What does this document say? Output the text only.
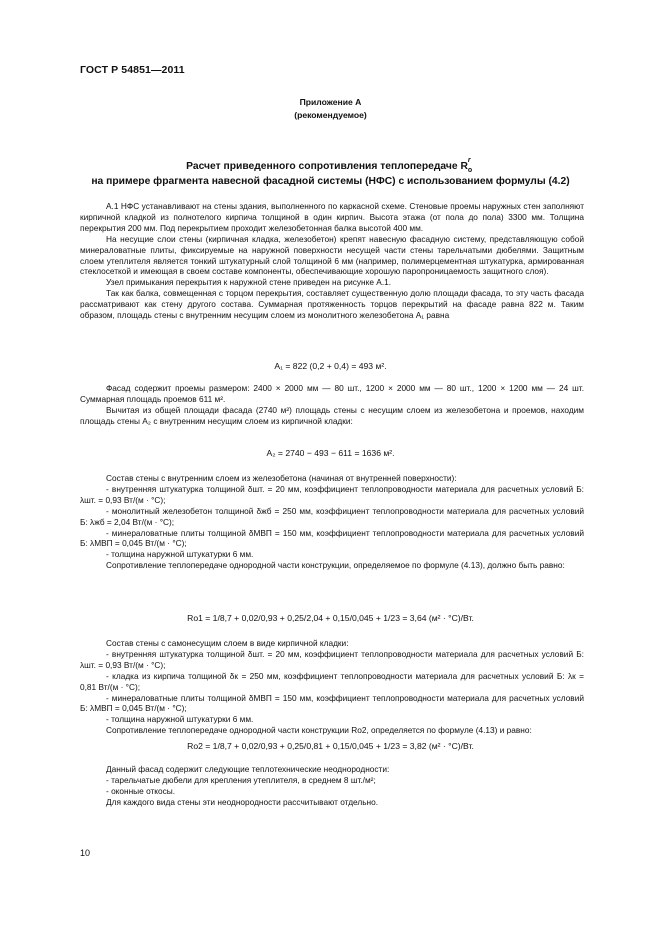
ГОСТ Р 54851—2011
Приложение А
(рекомендуемое)
Расчет приведенного сопротивления теплопередаче R
r
о
на примере фрагмента навесной фасадной системы (НФС) с использованием формулы (4.2)

А.1 НФС устанавливают на стены здания, выполненного по каркасной схеме. Стеновые проемы наружных стен заполняют кирпичной кладкой из полнотелого кирпича толщиной в один кирпич. Высота этажа (от пола до пола) 3300 мм. Толщина перекрытия 200 мм. Под перекрытием проходит железобетонная балка высотой 400 мм.

На несущие слои стены (кирпичная кладка, железобетон) крепят навесную фасадную систему, представляющую собой минераловатные плиты, фиксируемые на наружной поверхности несущей части стены тарельчатыми дюбелями. Защитным слоем утеплителя является тонкий штукатурный слой толщиной 6 мм (например, полимерцементная штукатурка, армированная стеклосеткой и имеющая в своем составе компоненты, обеспечивающие хорошую паропроницаемость защитного слоя).

Узел примыкания перекрытия к наружной стене приведен на рисунке А.1.

Так как балка, совмещенная с торцом перекрытия, составляет существенную долю площади фасада, то эту часть фасада рассматривают как стену другого состава. Суммарная протяженность торцов перекрытий на фасаде равна 822 м. Таким образом, площадь стены с внутренним несущим слоем из монолитного железобетона A₁ равна

A₁ = 822 (0,2 + 0,4) = 493 м².

Фасад содержит проемы размером: 2400 × 2000 мм — 80 шт., 1200 × 2000 мм — 80 шт., 1200 × 1200 мм — 24 шт. Суммарная площадь проемов 611 м².

Вычитая из общей площади фасада (2740 м²) площадь стены с несущим слоем из железобетона и проемов, находим площадь стены A₂ с внутренним несущим слоем из кирпичной кладки:

A₂ = 2740 − 493 − 611 = 1636 м².

Состав стены с внутренним слоем из железобетона (начиная от внутренней поверхности):

- внутренняя штукатурка толщиной δшт. = 20 мм, коэффициент теплопроводности материала для расчетных условий Б: λшт. = 0,93 Вт/(м · °С);

- монолитный железобетон толщиной δжб = 250 мм, коэффициент теплопроводности материала для расчетных условий Б: λжб = 2,04 Вт/(м · °С);

- минераловатные плиты толщиной δМВП = 150 мм, коэффициент теплопроводности материала для расчетных условий Б: λМВП = 0,045 Вт/(м · °С);

- толщина наружной штукатурки 6 мм.

Сопротивление теплопередаче однородной части конструкции, определяемое по формуле (4.13), должно быть равно:

Rо1 = 1/8,7 + 0,02/0,93 + 0,25/2,04 + 0,15/0,045 + 1/23 = 3,64 (м² · °С)/Вт.

Состав стены с самонесущим слоем в виде кирпичной кладки:

- внутренняя штукатурка толщиной δшт. = 20 мм, коэффициент теплопроводности материала для расчетных условий Б: λшт. = 0,93 Вт/(м · °С);

- кладка из кирпича толщиной δк = 250 мм, коэффициент теплопроводности материала для расчетных условий Б: λк = 0,81 Вт/(м · °С);

- минераловатные плиты толщиной δМВП = 150 мм, коэффициент теплопроводности материала для расчетных условий Б: λМВП = 0,045 Вт/(м · °С);

- толщина наружной штукатурки 6 мм.

Сопротивление теплопередаче однородной части конструкции Rо2, определяется по формуле (4.13) и равно:

Rо2 = 1/8,7 + 0,02/0,93 + 0,25/0,81 + 0,15/0,045 + 1/23 = 3,82 (м² · °С)/Вт.

Данный фасад содержит следующие теплотехнические неоднородности:

- тарельчатые дюбели для крепления утеплителя, в среднем 8 шт./м²;

- оконные откосы.

Для каждого вида стены эти неоднородности рассчитывают отдельно.

10
